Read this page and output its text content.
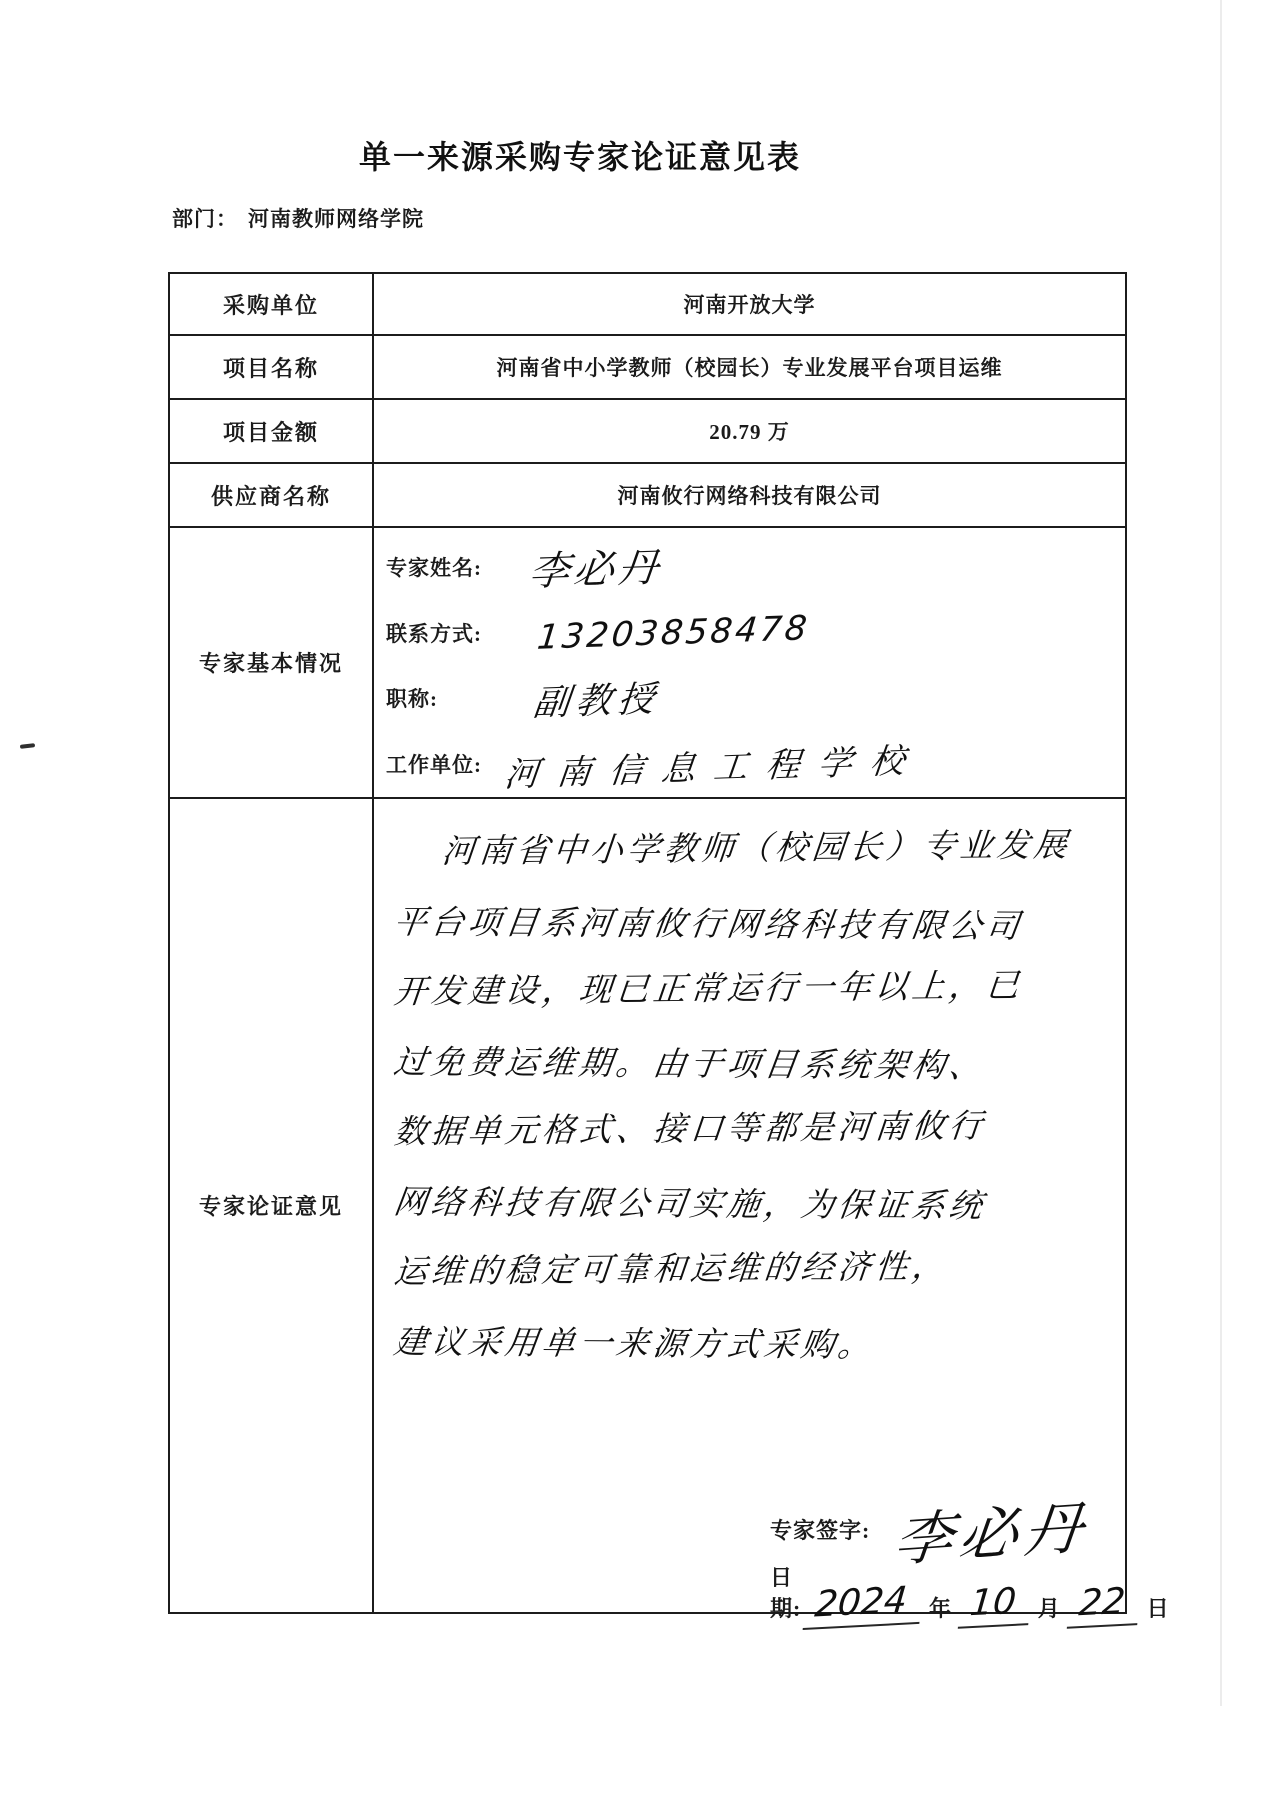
单一来源采购专家论证意见表
部门： 河南教师网络学院
采购单位	河南开放大学
项目名称	河南省中小学教师（校园长）专业发展平台项目运维
项目金额	20.79 万
供应商名称	河南攸行网络科技有限公司
专家基本情况
专家姓名:	李必丹
联系方式:	13203858478
职称:	副教授
工作单位: 河南信息工程学校
专家论证意见
河南省中小学教师（校园长）专业发展
平台项目系河南攸行网络科技有限公司
开发建设，现已正常运行一年以上，已
过免费运维期。由于项目系统架构、
数据单元格式、接口等都是河南攸行
网络科技有限公司实施，为保证系统
运维的稳定可靠和运维的经济性，
建议采用单一来源方式采购。
专家签字: 李必丹
日期: 2024 年 10 月 22 日
